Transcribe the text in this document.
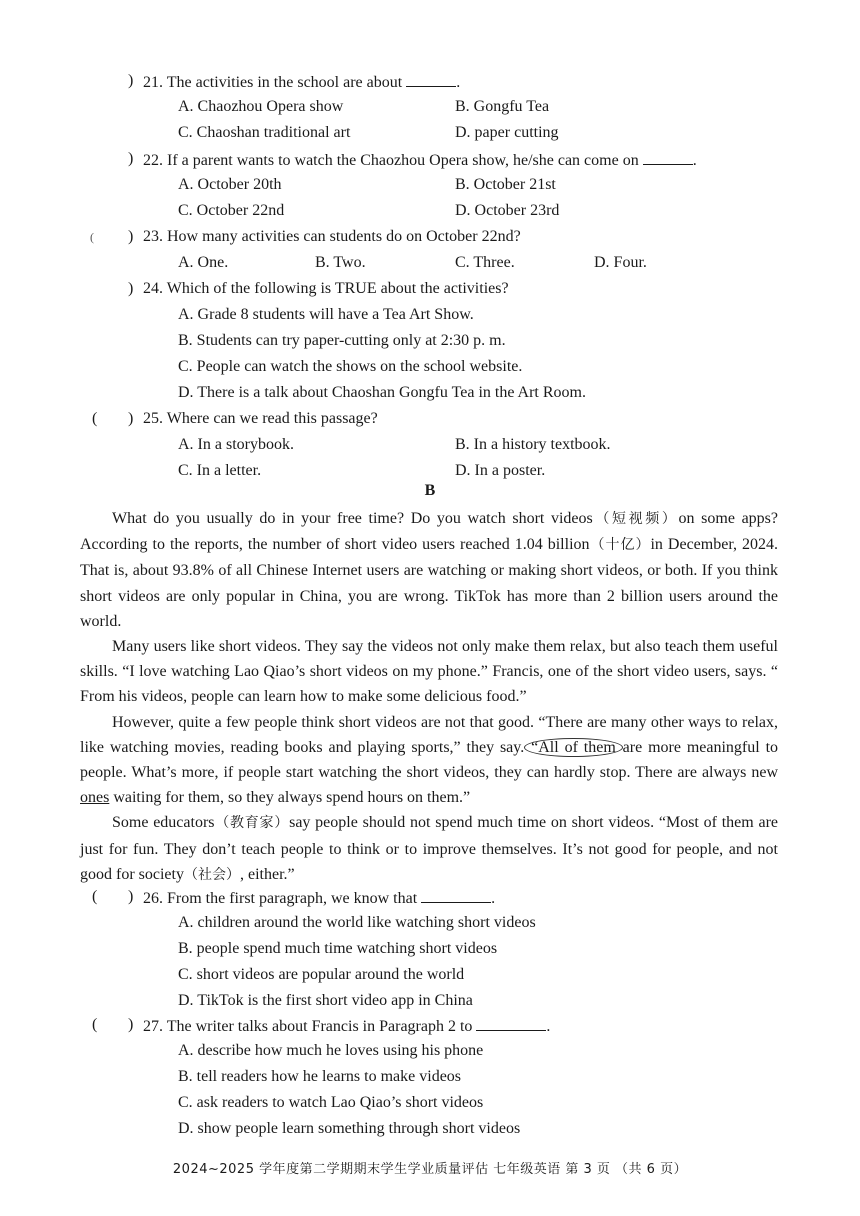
) 21. The activities in the school are about	.
A. Chaozhou Opera show	B. Gongfu Tea
C. Chaoshan traditional art	D. paper cutting
) 22. If a parent wants to watch the Chaozhou Opera show, he/she can come on	.
A. October 20th	B. October 21st
C. October 22nd	D. October 23rd
( ) 23. How many activities can students do on October 22nd?
A. One.	B. Two.	C. Three.	D. Four.
) 24. Which of the following is TRUE about the activities?
A. Grade 8 students will have a Tea Art Show.
B. Students can try paper-cutting only at 2:30 p. m.
C. People can watch the shows on the school website.
D. There is a talk about Chaoshan Gongfu Tea in the Art Room.
( ) 25. Where can we read this passage?
A. In a storybook.	B. In a history textbook.
C. In a letter.	D. In a poster.
B

What do you usually do in your free time? Do you watch short videos（短视频）on some apps? According to the reports, the number of short video users reached 1.04 billion（十亿）in December, 2024. That is, about 93.8% of all Chinese Internet users are watching or making short videos, or both. If you think short videos are only popular in China, you are wrong. TikTok has more than 2 billion users around the world.

Many users like short videos. They say the videos not only make them relax, but also teach them useful skills. “I love watching Lao Qiao’s short videos on my phone.” Francis, one of the short video users, says. “ From his videos, people can learn how to make some delicious food.”

However, quite a few people think short videos are not that good. “There are many other ways to relax, like watching movies, reading books and playing sports,” they say. “All of them are more meaningful to people. What’s more, if people start watching the short videos, they can hardly stop. There are always new ones waiting for them, so they always spend hours on them.”

Some educators（教育家）say people should not spend much time on short videos. “Most of them are just for fun. They don’t teach people to think or to improve themselves. It’s not good for people, and not good for society（社会）, either.”

( ) 26. From the first paragraph, we know that	.
A. children around the world like watching short videos
B. people spend much time watching short videos
C. short videos are popular around the world
D. TikTok is the first short video app in China
( ) 27. The writer talks about Francis in Paragraph 2 to	.
A. describe how much he loves using his phone
B. tell readers how he learns to make videos
C. ask readers to watch Lao Qiao’s short videos
D. show people learn something through short videos
2024~2025 学年度第二学期期末学生学业质量评估 七年级英语 第 3 页 （共 6 页）
